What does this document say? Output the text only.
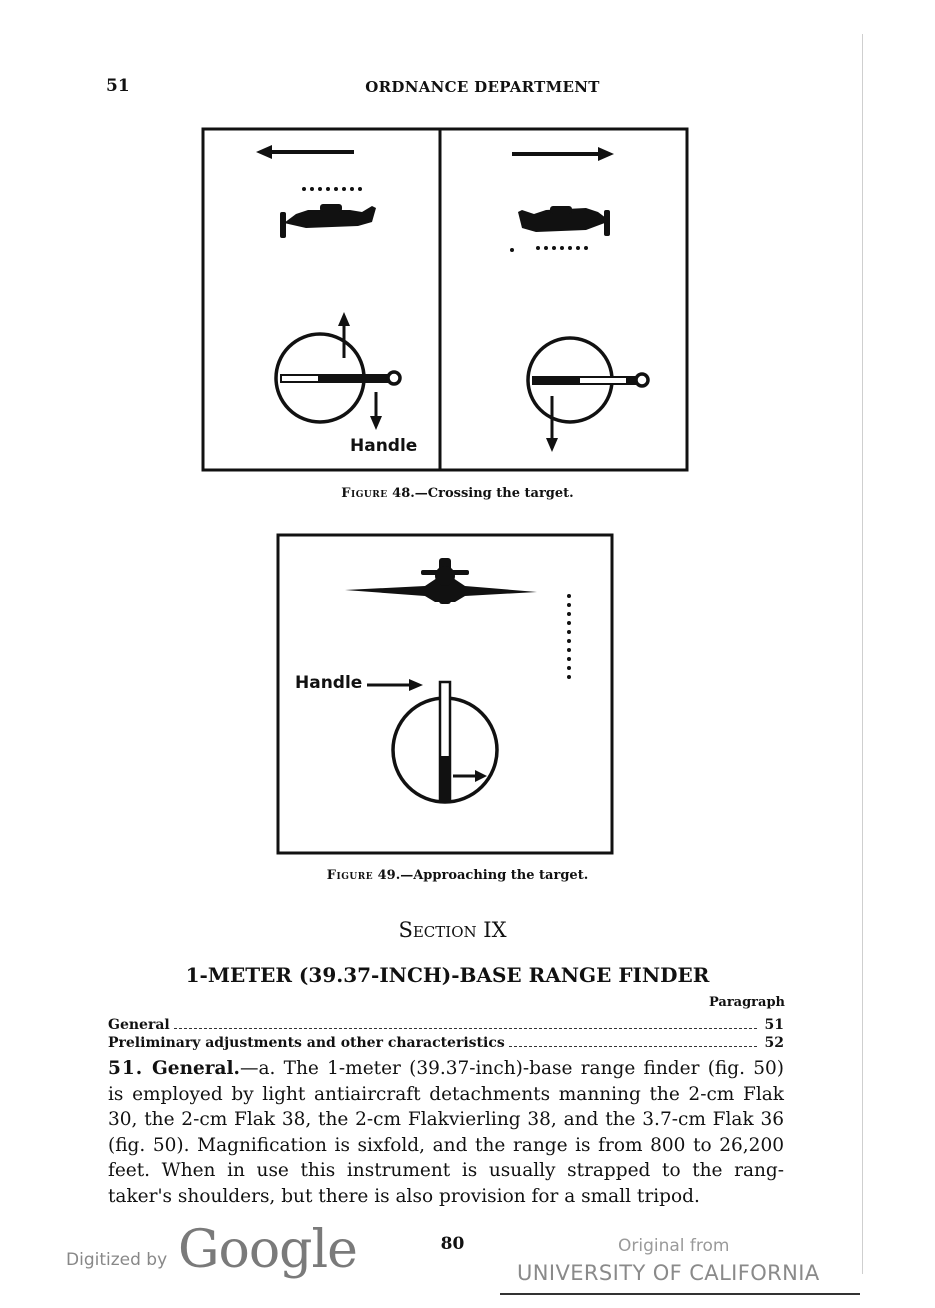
51	ORDNANCE DEPARTMENT
Handle
Figure 48.—Crossing the target.
Handle
Figure 49.—Approaching the target.
Section IX
1-METER (39.37-INCH)-BASE RANGE FINDER
Paragraph
General	51
Preliminary adjustments and other characteristics	52
51. General.—a. The 1-meter (39.37-inch)-base range finder (fig. 50) is employed by light antiaircraft detachments manning the 2-cm Flak 30, the 2-cm Flak 38, the 2-cm Flakvierling 38, and the 3.7-cm Flak 36 (fig. 50). Magnification is sixfold, and the range is from 800 to 26,200 feet. When in use this instrument is usually strapped to the rang-taker's shoulders, but there is also provision for a small tripod.
80
Digitized by Google	Original from
UNIVERSITY OF CALIFORNIA
